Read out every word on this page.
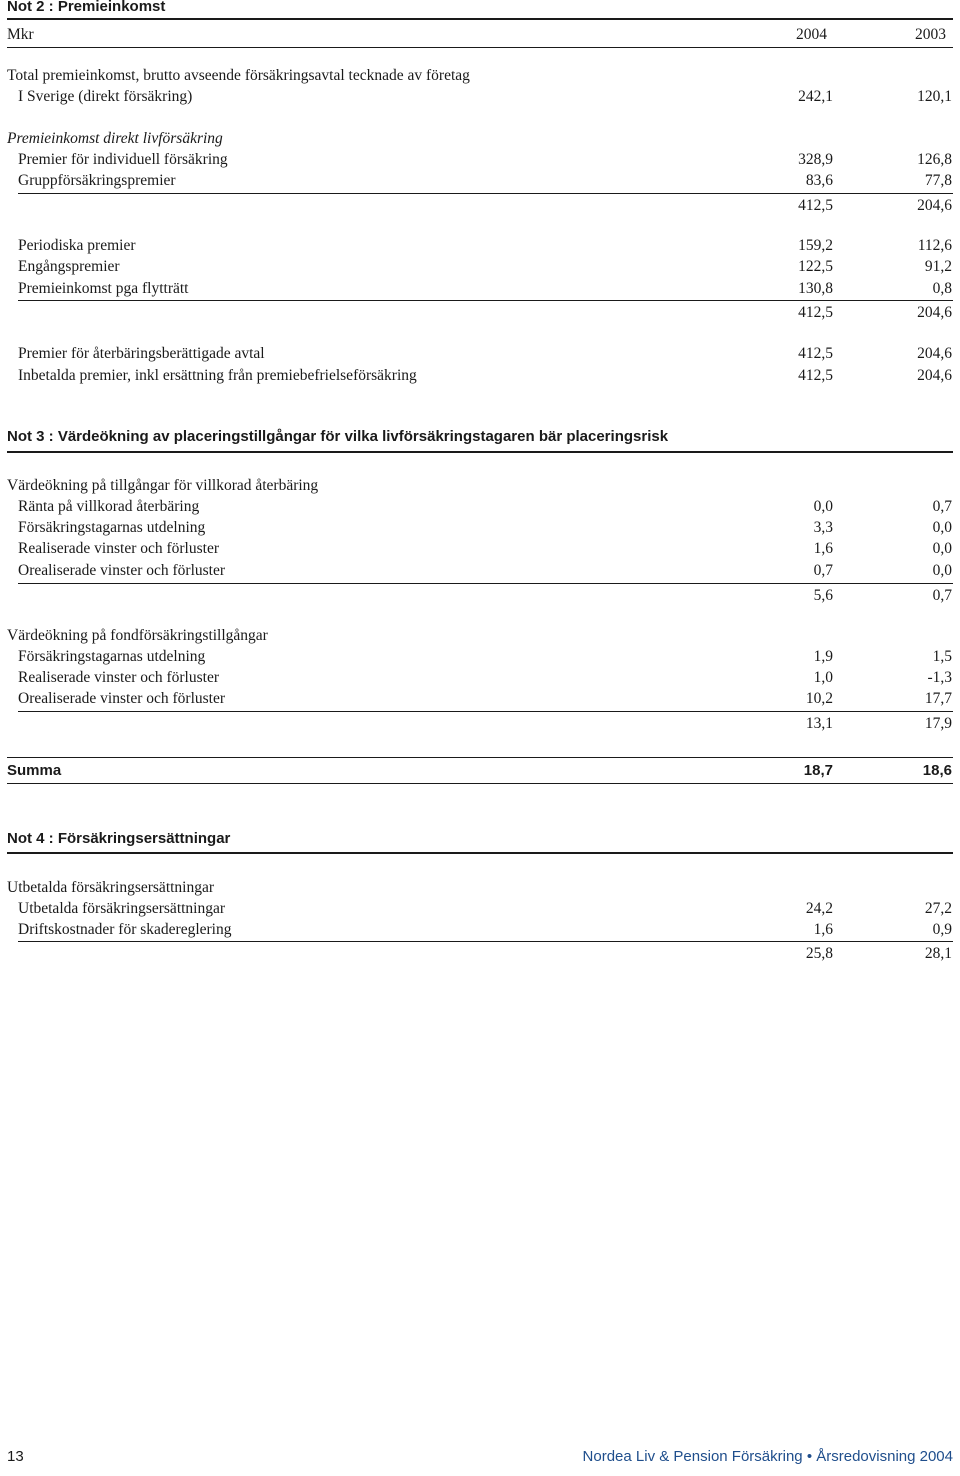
Not 2 : Premieinkomst
Mkr	2004	2003
Total premieinkomst, brutto avseende försäkringsavtal tecknade av företag
I Sverige (direkt försäkring)	242,1	120,1
Premieinkomst direkt livförsäkring
Premier för individuell försäkring	328,9	126,8
Gruppförsäkringspremier	83,6	77,8
412,5	204,6
Periodiska premier	159,2	112,6
Engångspremier	122,5	91,2
Premieinkomst pga flytträtt	130,8	0,8
412,5	204,6
Premier för återbäringsberättigade avtal	412,5	204,6
Inbetalda premier, inkl ersättning från premiebefrielseförsäkring	412,5	204,6
Not 3 : Värdeökning av placeringstillgångar för vilka livförsäkringstagaren bär placeringsrisk
Värdeökning på tillgångar för villkorad återbäring
Ränta på villkorad återbäring	0,0	0,7
Försäkringstagarnas utdelning	3,3	0,0
Realiserade vinster och förluster	1,6	0,0
Orealiserade vinster och förluster	0,7	0,0
5,6	0,7
Värdeökning på fondförsäkringstillgångar
Försäkringstagarnas utdelning	1,9	1,5
Realiserade vinster och förluster	1,0	-1,3
Orealiserade vinster och förluster	10,2	17,7
13,1	17,9
Summa	18,7	18,6
Not 4 : Försäkringsersättningar
Utbetalda försäkringsersättningar
Utbetalda försäkringsersättningar	24,2	27,2
Driftskostnader för skadereglering	1,6	0,9
25,8	28,1
13	Nordea Liv & Pension Försäkring • Årsredovisning 2004
